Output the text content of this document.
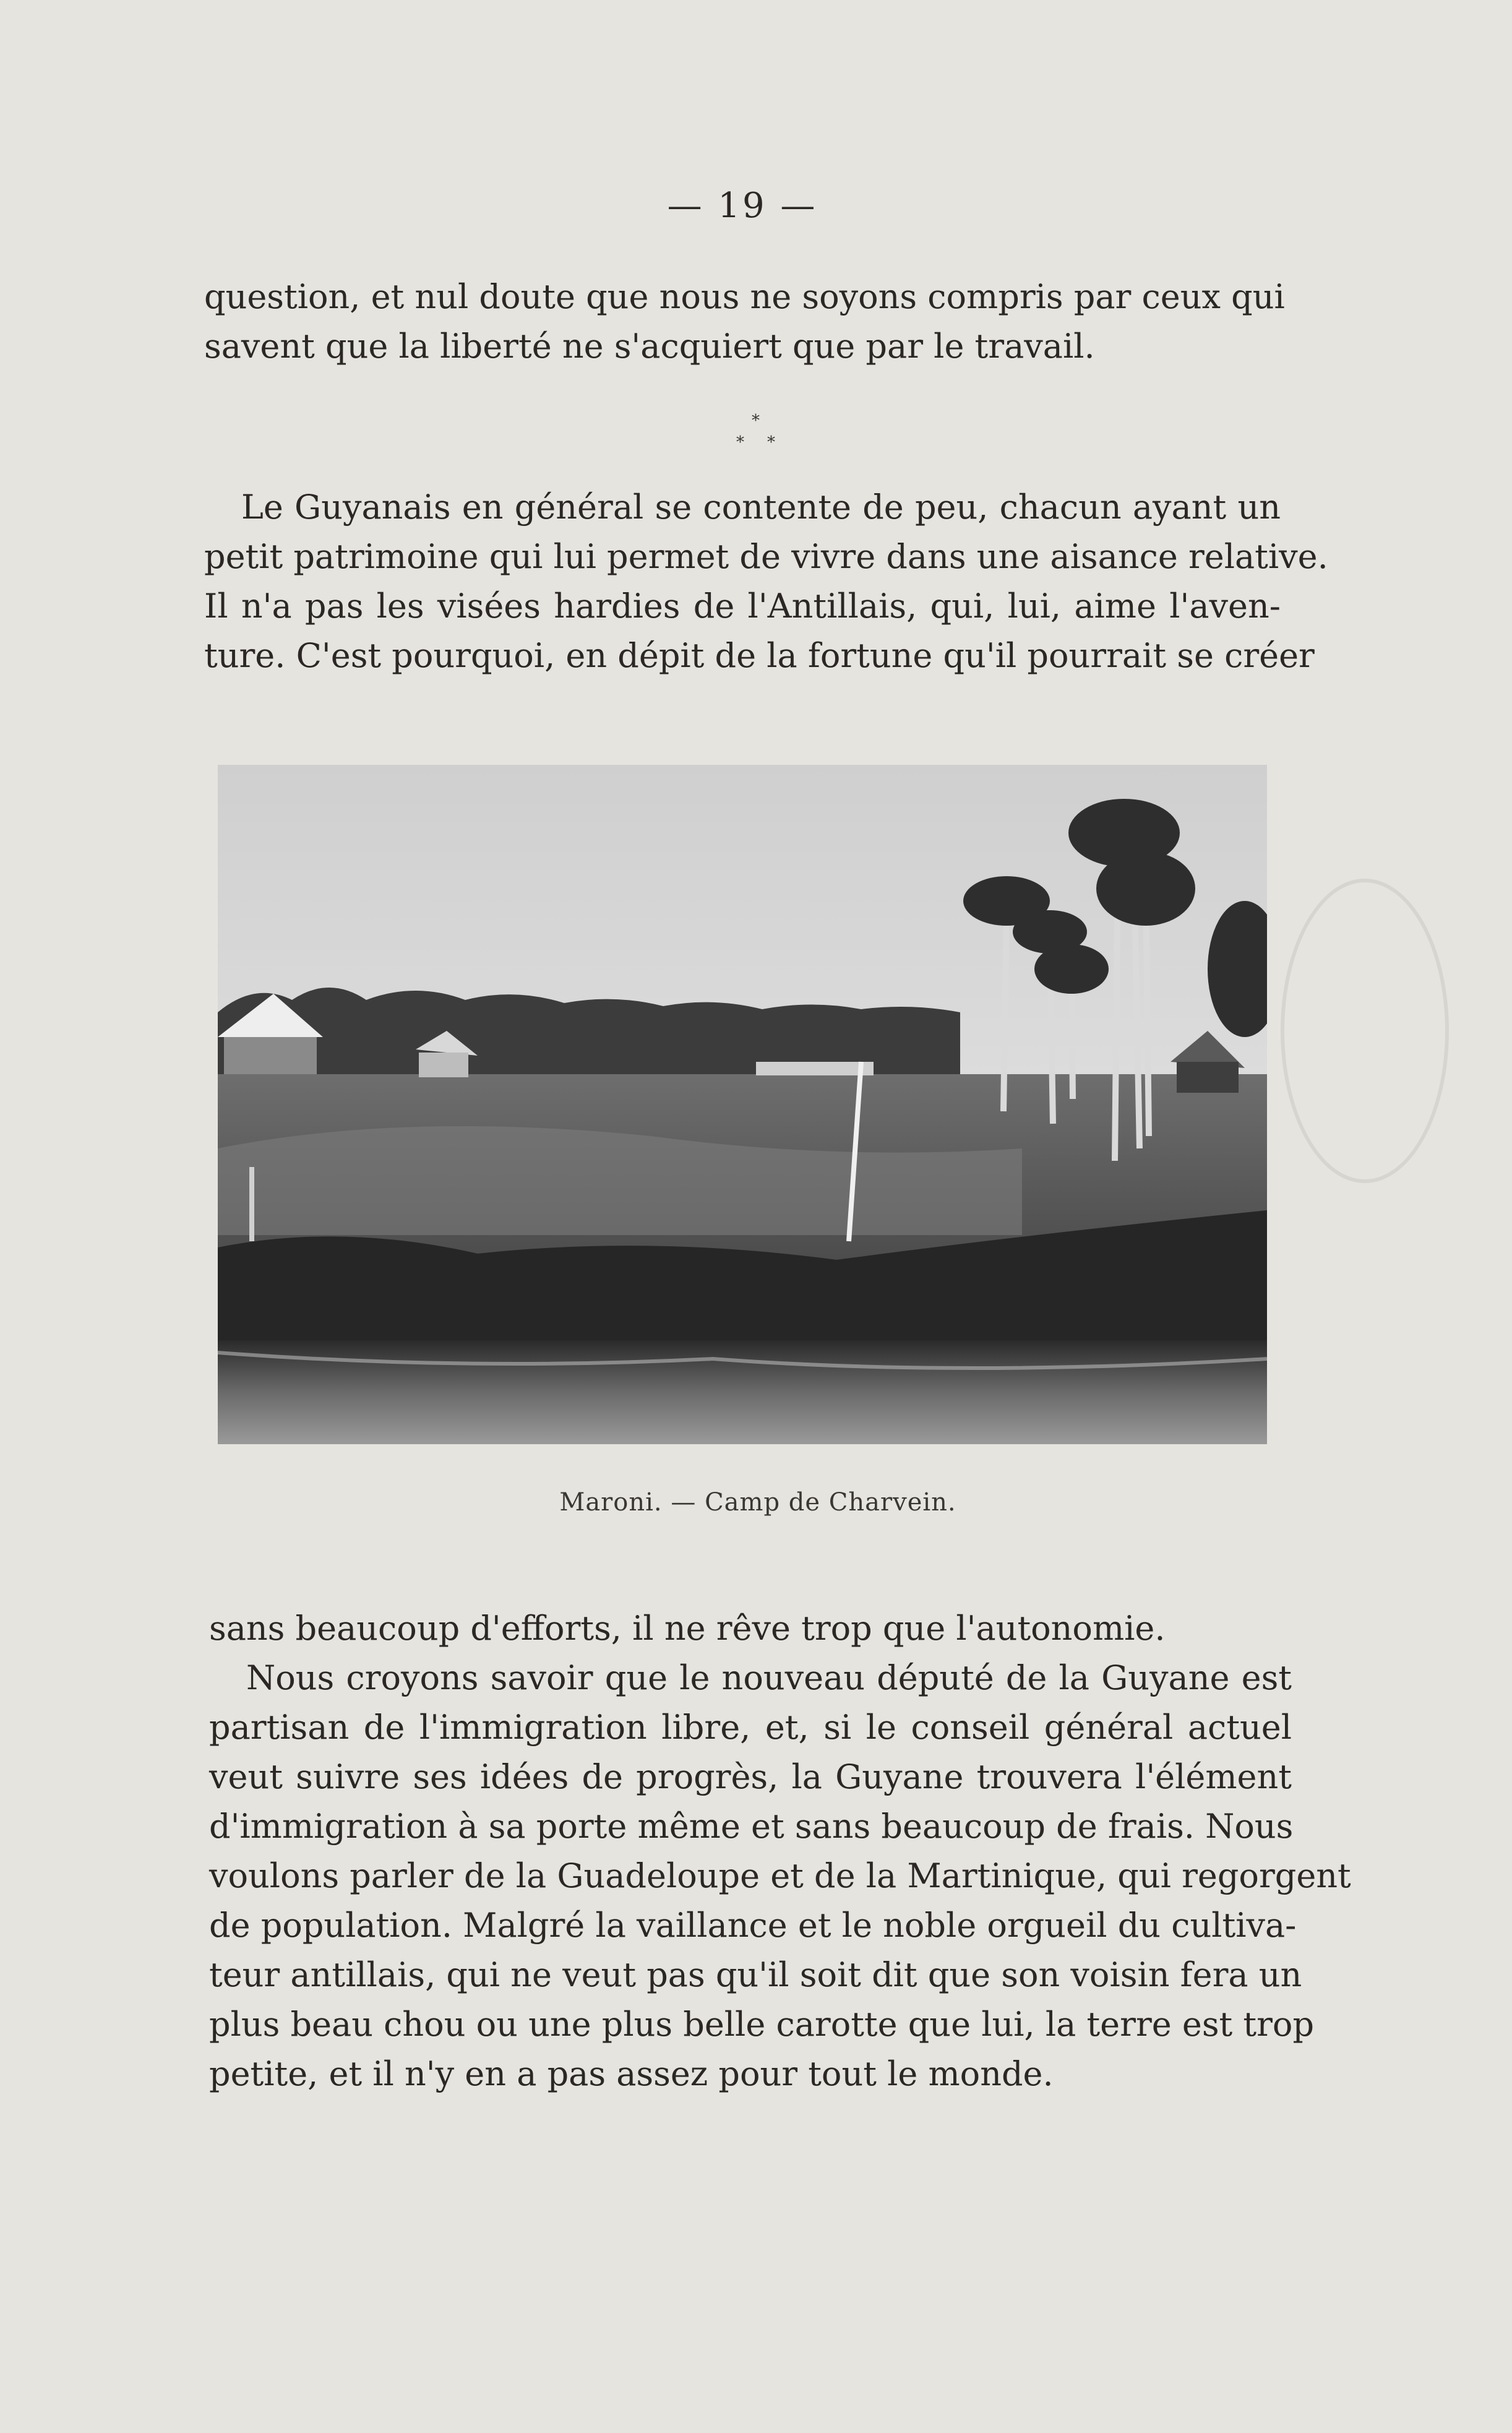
— 19 —

question, et nul doute que nous ne soyons compris par ceux qui
savent que la liberté ne s'acquiert que par le travail.

*
* *

Le Guyanais en général se contente de peu, chacun ayant un
petit patrimoine qui lui permet de vivre dans une aisance relative.
Il n'a pas les visées hardies de l'Antillais, qui, lui, aime l'aven-
ture. C'est pourquoi, en dépit de la fortune qu'il pourrait se créer

Maroni. — Camp de Charvein.

sans beaucoup d'efforts, il ne rêve trop que l'autonomie.

Nous croyons savoir que le nouveau député de la Guyane est
partisan de l'immigration libre, et, si le conseil général actuel
veut suivre ses idées de progrès, la Guyane trouvera l'élément
d'immigration à sa porte même et sans beaucoup de frais. Nous
voulons parler de la Guadeloupe et de la Martinique, qui regorgent
de population. Malgré la vaillance et le noble orgueil du cultiva-
teur antillais, qui ne veut pas qu'il soit dit que son voisin fera un
plus beau chou ou une plus belle carotte que lui, la terre est trop
petite, et il n'y en a pas assez pour tout le monde.
